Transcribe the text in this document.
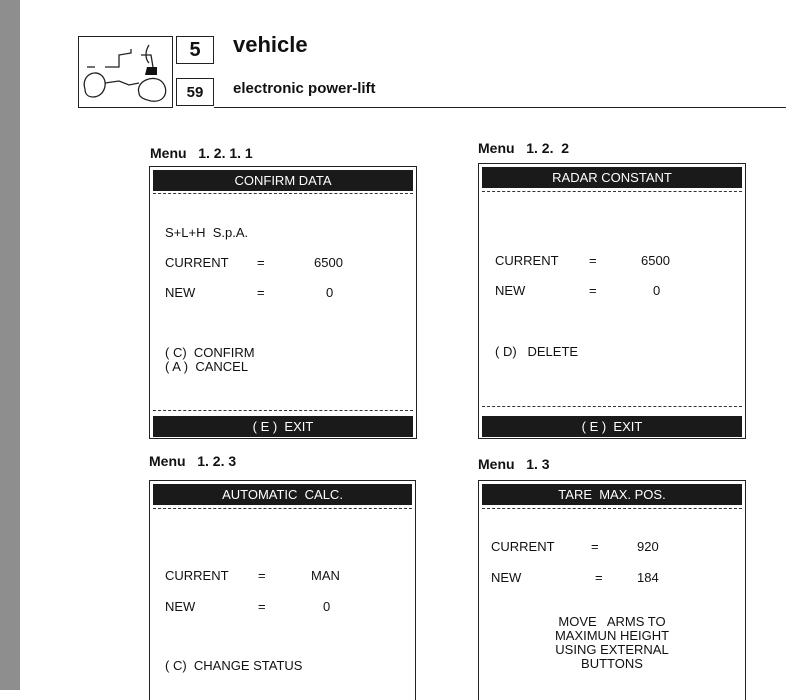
5
59
vehicle
electronic power-lift
Menu   1. 2. 1. 1
CONFIRM DATA
S+L+H  S.p.A.
CURRENT =	6500
NEW	=	0
( C)  CONFIRM
( A )  CANCEL
( E )  EXIT
Menu   1. 2.  2
RADAR CONSTANT
CURRENT =	6500
NEW	=	0
( D)   DELETE
( E )  EXIT
Menu   1. 2. 3
AUTOMATIC  CALC.
CURRENT =	MAN
NEW	=	0
( C)  CHANGE STATUS
Menu   1. 3
TARE  MAX. POS.
CURRENT	=	920
NEW	=	184
MOVE   ARMS TO
MAXIMUN HEIGHT
USING EXTERNAL
BUTTONS
